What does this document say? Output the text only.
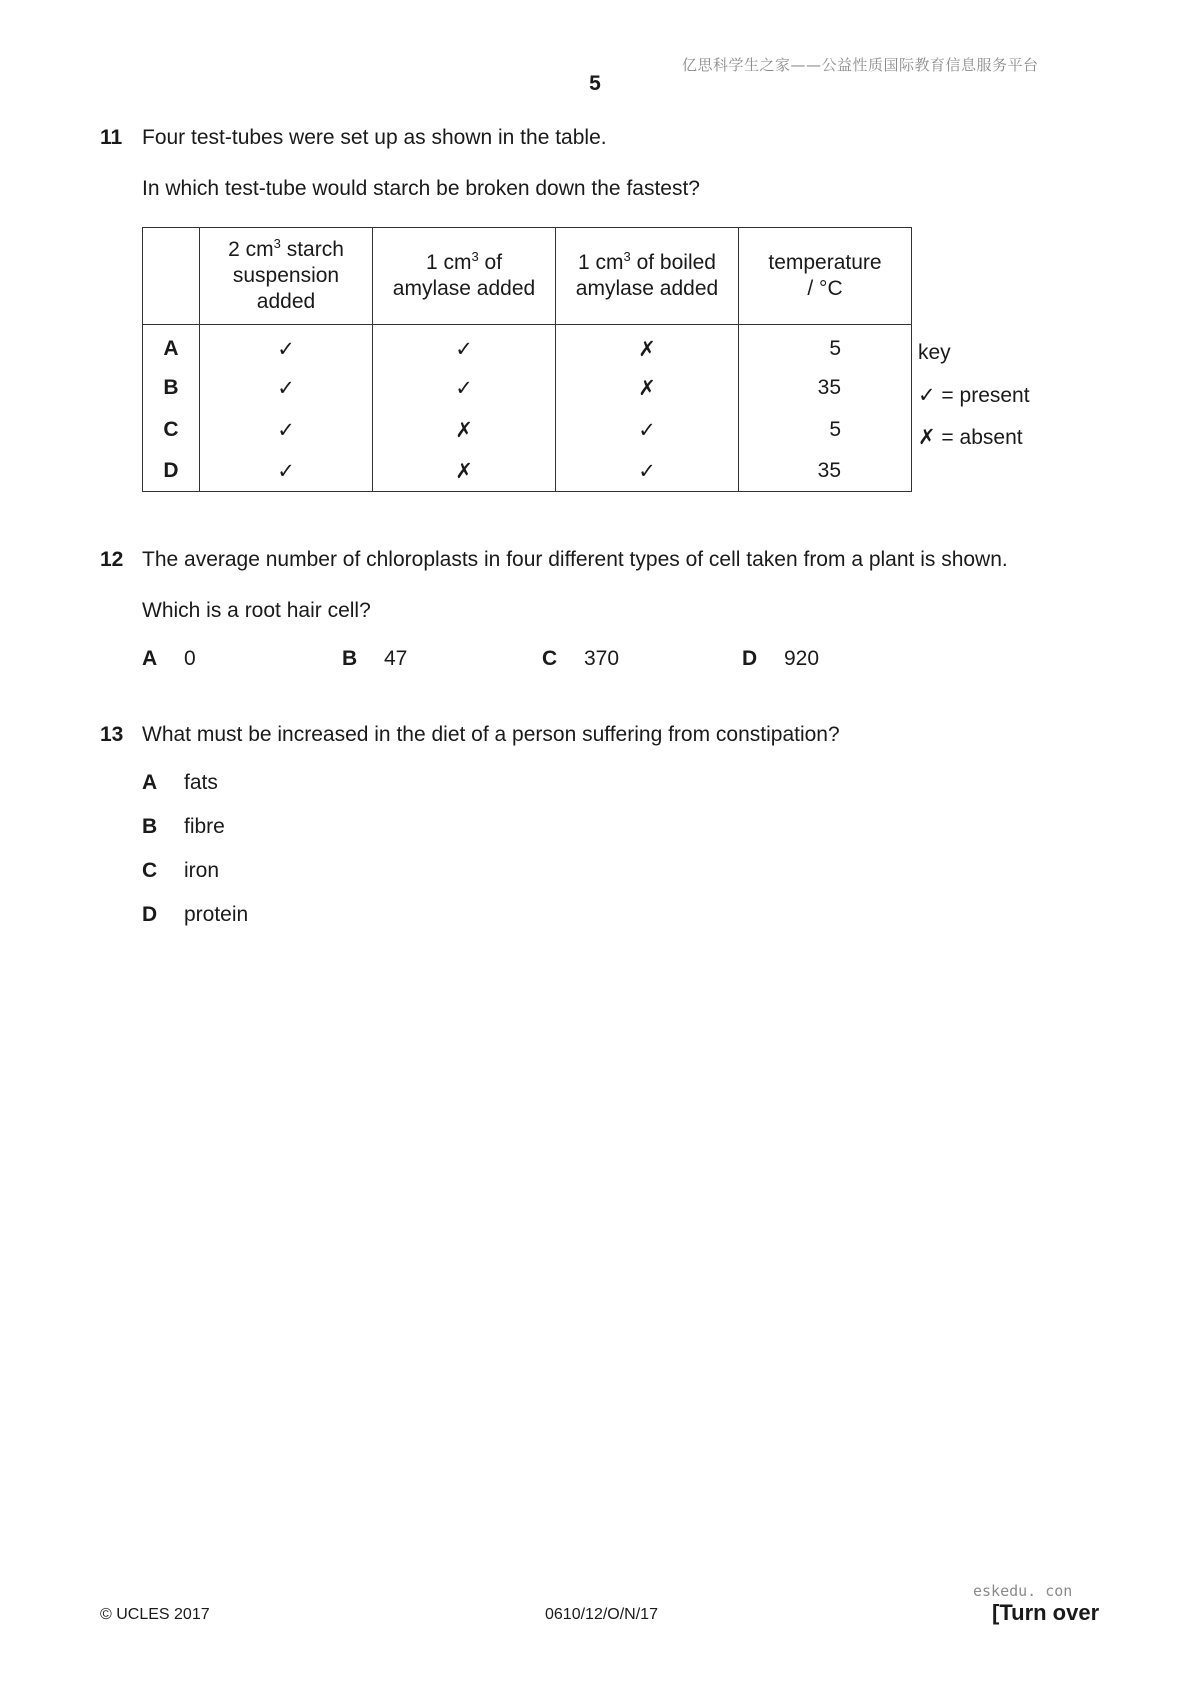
亿思科学生之家——公益性质国际教育信息服务平台
5
11 Four test-tubes were set up as shown in the table.
In which test-tube would starch be broken down the fastest?
	2 $cm^3$ starch
suspension
added	1 $cm^3$ of
amylase added	1 $cm^3$ of boiled
amylase added	temperature
/ °C
A	✓	✓	✗	5
B	✓	✓	✗	35
C	✓	✗	✓	5
D	✓	✗	✓	35
key
✓ = present
✗ = absent
12 The average number of chloroplasts in four different types of cell taken from a plant is shown.
Which is a root hair cell?
A 0	B 47	C 370	D 920
13 What must be increased in the diet of a person suffering from constipation?
A fats
B fibre
C iron
D protein
eskedu. con
© UCLES 2017	0610/12/O/N/17	[Turn over
